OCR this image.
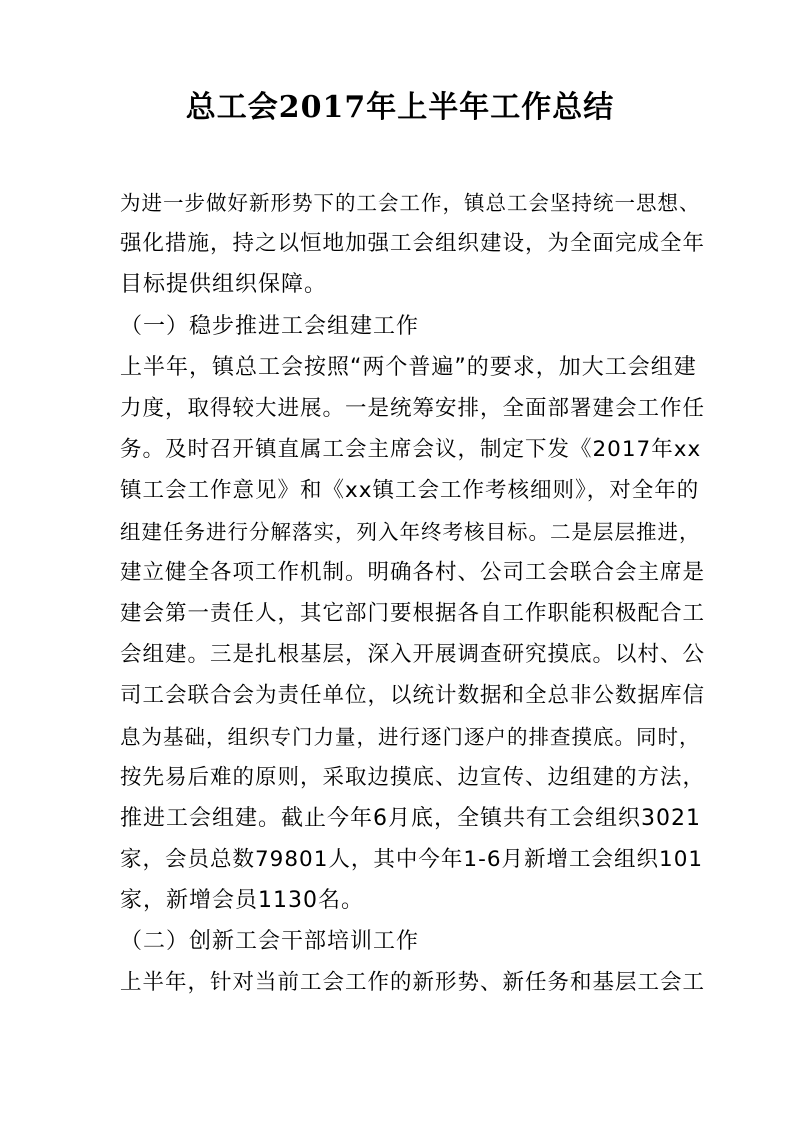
总工会2017年上半年工作总结
为进一步做好新形势下的工会工作，镇总工会坚持统一思想、
强化措施，持之以恒地加强工会组织建设，为全面完成全年
目标提供组织保障。
（一）稳步推进工会组建工作
上半年，镇总工会按照“两个普遍”的要求，加大工会组建
力度，取得较大进展。一是统筹安排，全面部署建会工作任
务。及时召开镇直属工会主席会议，制定下发《2017年xx
镇工会工作意见》和《xx镇工会工作考核细则》，对全年的
组建任务进行分解落实，列入年终考核目标。二是层层推进，
建立健全各项工作机制。明确各村、公司工会联合会主席是
建会第一责任人，其它部门要根据各自工作职能积极配合工
会组建。三是扎根基层，深入开展调查研究摸底。以村、公
司工会联合会为责任单位，以统计数据和全总非公数据库信
息为基础，组织专门力量，进行逐门逐户的排查摸底。同时，
按先易后难的原则，采取边摸底、边宣传、边组建的方法，
推进工会组建。截止今年6月底，全镇共有工会组织3021
家，会员总数79801人，其中今年1-6月新增工会组织101
家，新增会员1130名。
（二）创新工会干部培训工作
上半年，针对当前工会工作的新形势、新任务和基层工会工
